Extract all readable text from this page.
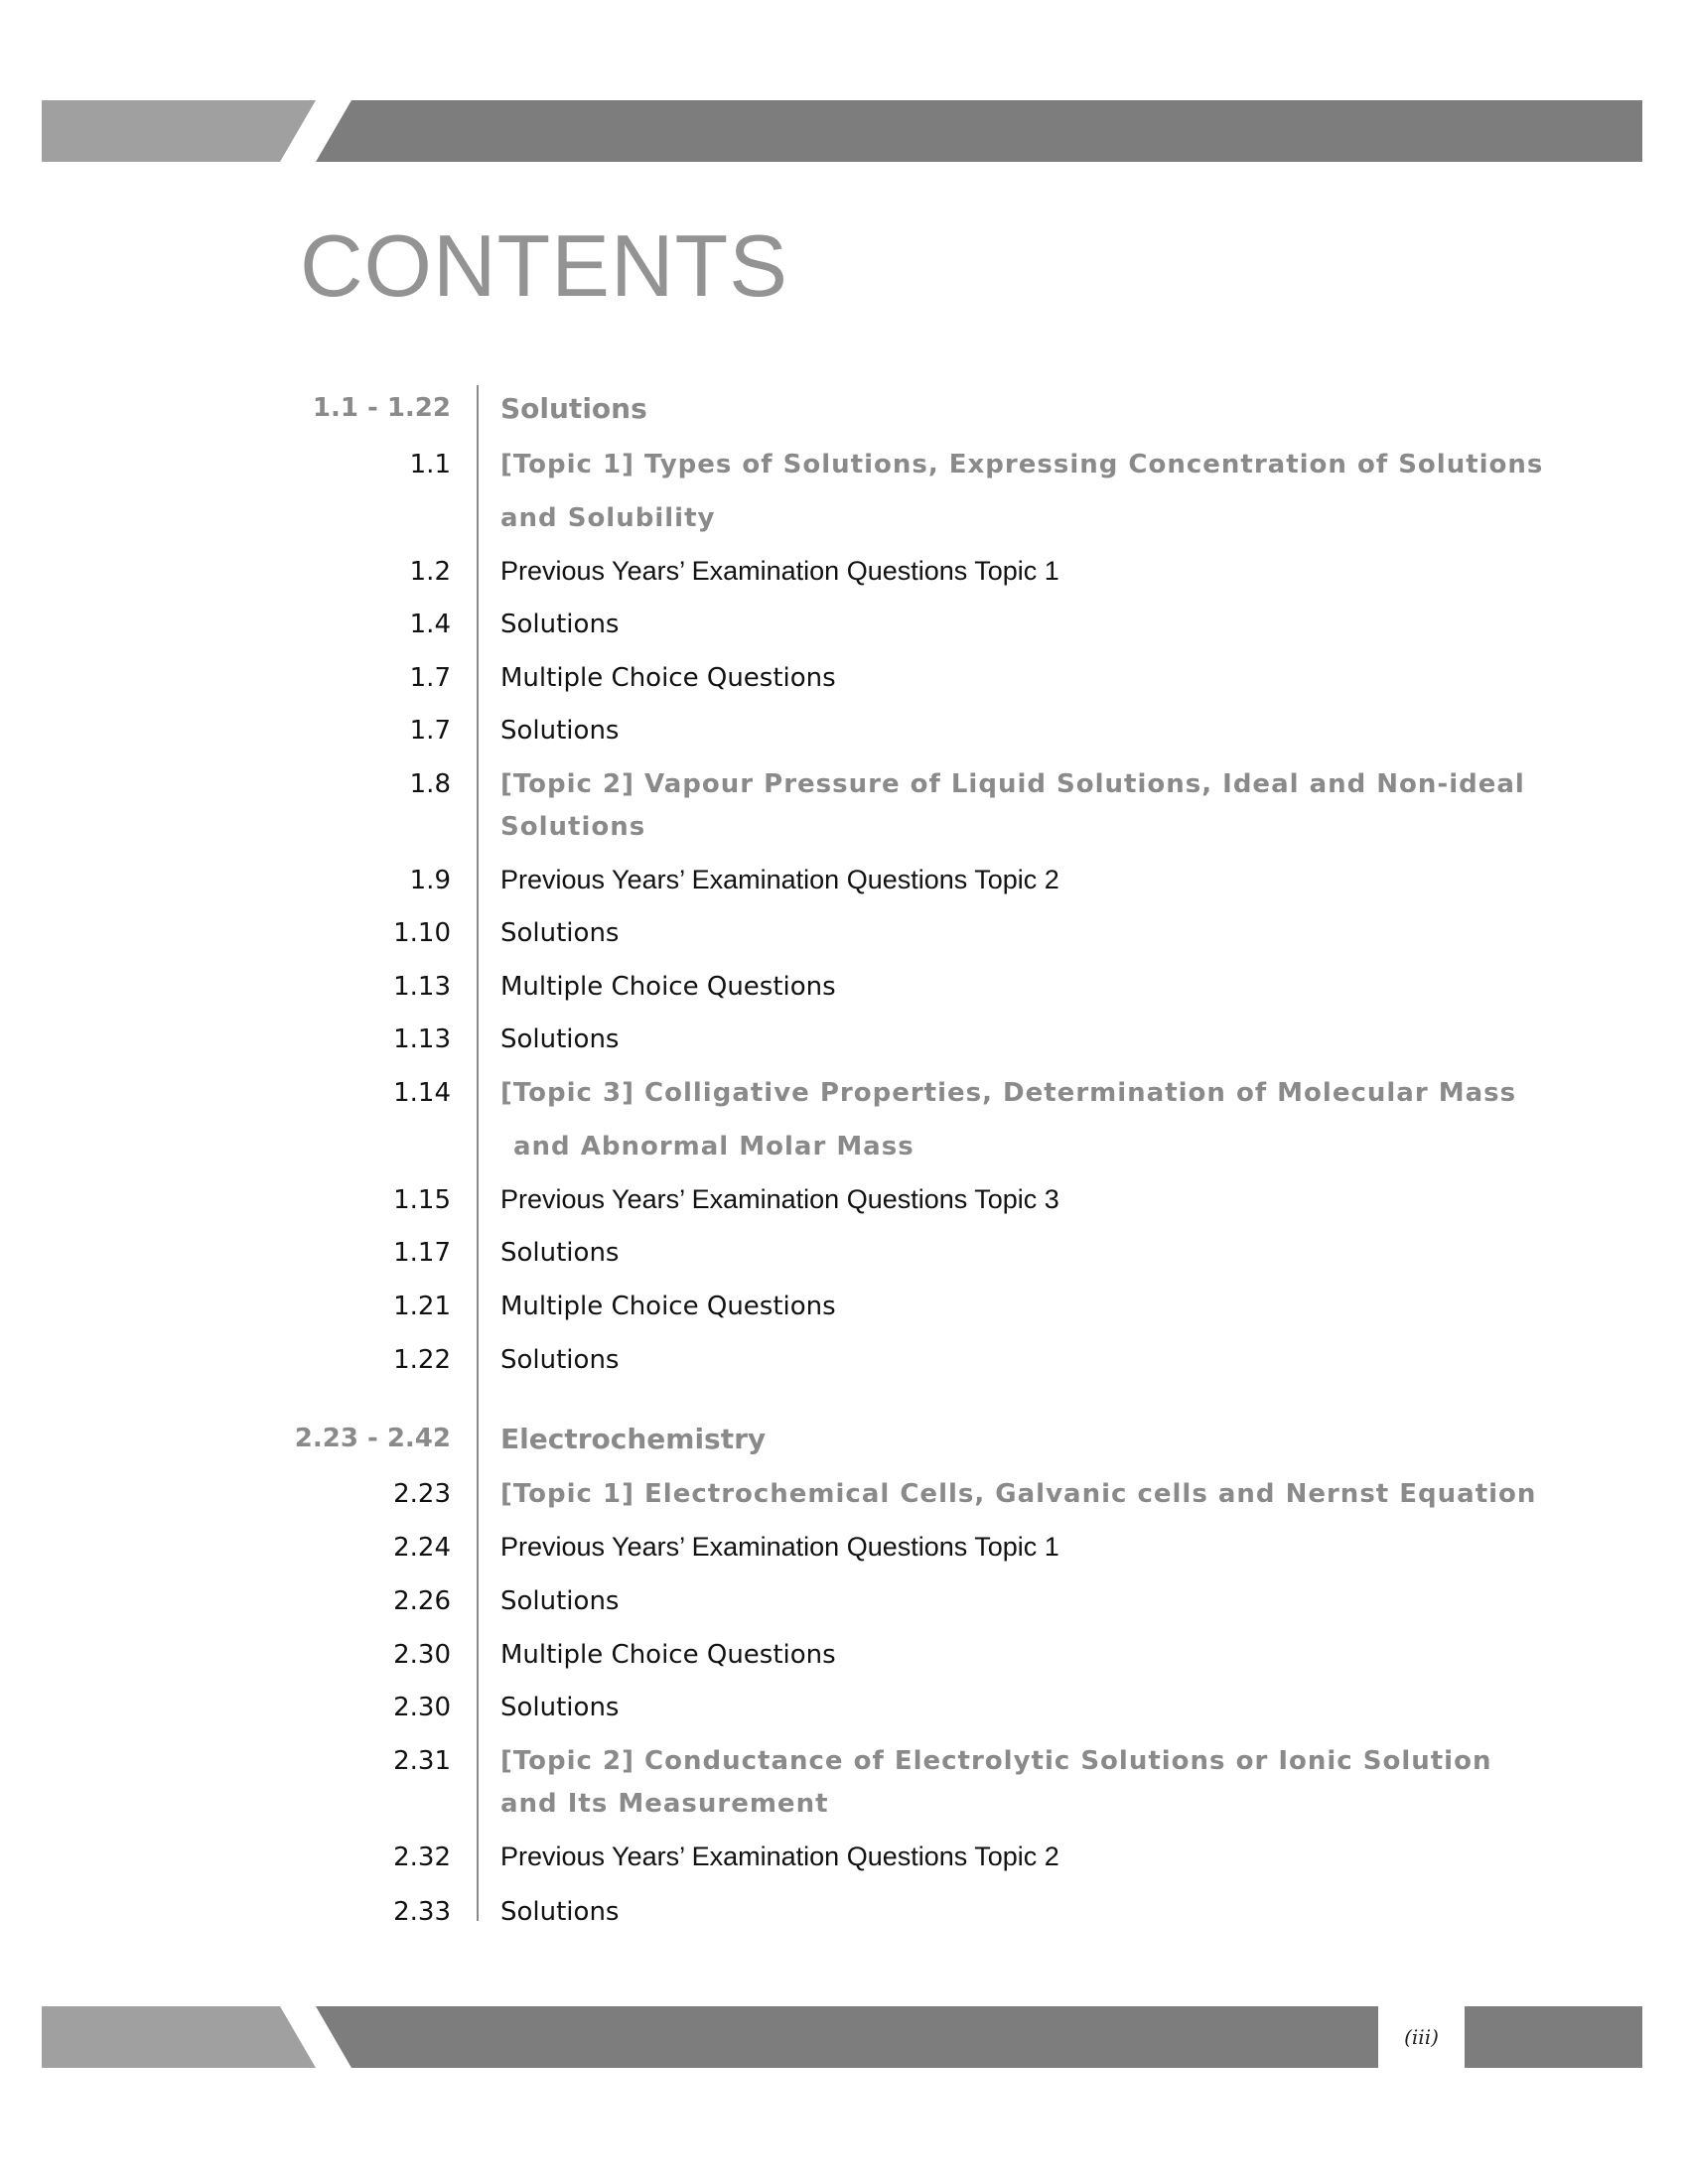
CONTENTS
1.1 - 1.22 Solutions
1.1 [Topic 1] Types of Solutions, Expressing Concentration of Solutions
and Solubility
1.2 Previous Years’ Examination Questions Topic 1
1.4 Solutions
1.7 Multiple Choice Questions
1.7 Solutions
1.8 [Topic 2] Vapour Pressure of Liquid Solutions, Ideal and Non-ideal
Solutions
1.9 Previous Years’ Examination Questions Topic 2
1.10 Solutions
1.13 Multiple Choice Questions
1.13 Solutions
1.14 [Topic 3] Colligative Properties, Determination of Molecular Mass
and Abnormal Molar Mass
1.15 Previous Years’ Examination Questions Topic 3
1.17 Solutions
1.21 Multiple Choice Questions
1.22 Solutions
2.23 - 2.42 Electrochemistry
2.23 [Topic 1] Electrochemical Cells, Galvanic cells and Nernst Equation
2.24 Previous Years’ Examination Questions Topic 1
2.26 Solutions
2.30 Multiple Choice Questions
2.30 Solutions
2.31 [Topic 2] Conductance of Electrolytic Solutions or Ionic Solution
and Its Measurement
2.32 Previous Years’ Examination Questions Topic 2
2.33 Solutions
(iii)
